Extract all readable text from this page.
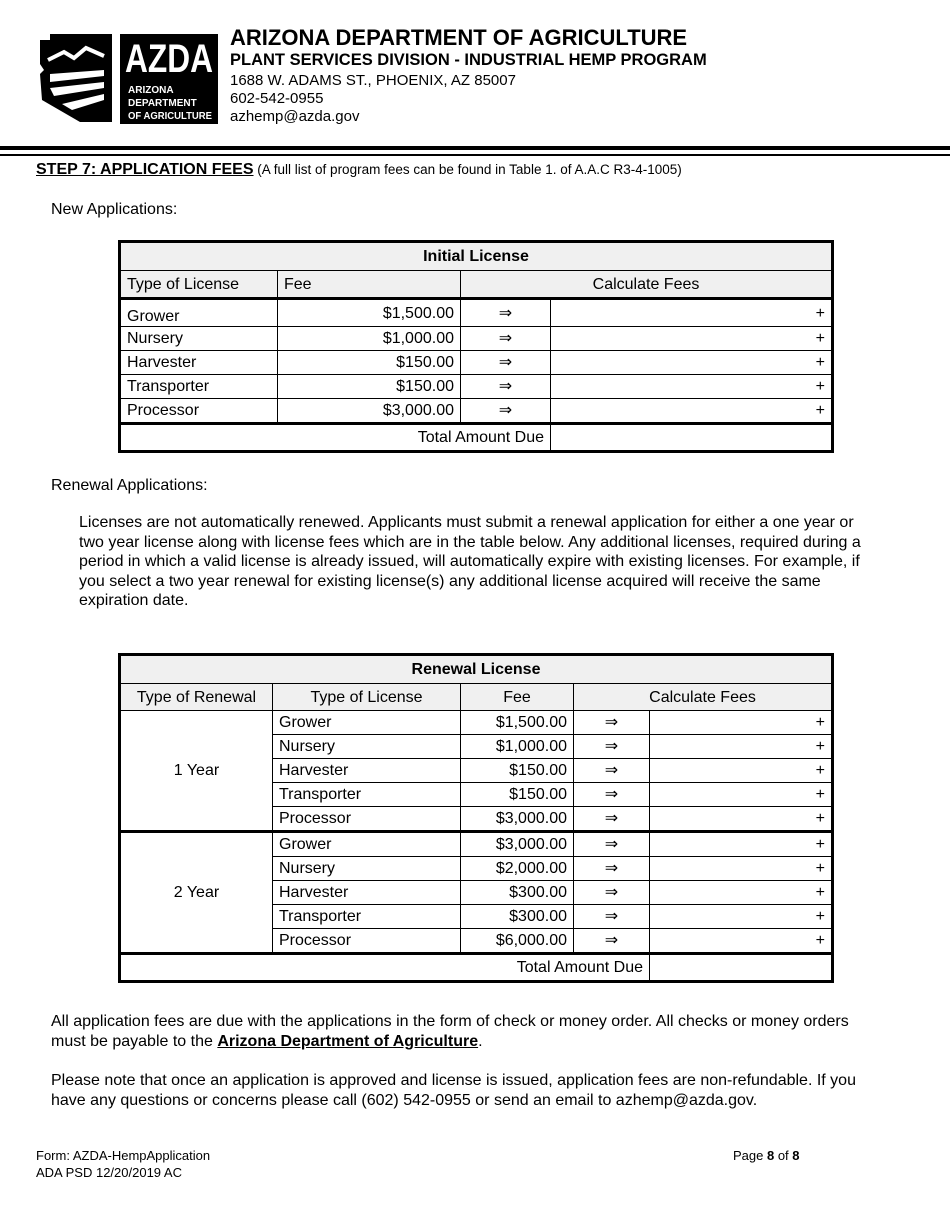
AZDA
ARIZONA
DEPARTMENT
OF AGRICULTURE
ARIZONA DEPARTMENT OF AGRICULTURE
PLANT SERVICES DIVISION - INDUSTRIAL HEMP PROGRAM
1688 W. ADAMS ST., PHOENIX, AZ 85007
602-542-0955
azhemp@azda.gov
STEP 7: APPLICATION FEES (A full list of program fees can be found in Table 1. of A.A.C R3-4-1005)
New Applications:
Initial License			
Type of License	Fee	Calculate Fees	
Grower	$1,500.00	⇒	+
Nursery	$1,000.00	⇒	+
Harvester	$150.00	⇒	+
Transporter	$150.00	⇒	+
Processor	$3,000.00	⇒	+
Total Amount Due			
Renewal Applications:
Licenses are not automatically renewed. Applicants must submit a renewal application for either a one year or two year license along with license fees which are in the table below. Any additional licenses, required during a period in which a valid license is already issued, will automatically expire with existing licenses. For example, if you select a two year renewal for existing license(s) any additional license acquired will receive the same expiration date.
Renewal License				
Type of Renewal	Type of License	Fee	Calculate Fees	
1 Year	Grower	$1,500.00	⇒	+
	Nursery	$1,000.00	⇒	+
	Harvester	$150.00	⇒	+
	Transporter	$150.00	⇒	+
	Processor	$3,000.00	⇒	+
2 Year	Grower	$3,000.00	⇒	+
	Nursery	$2,000.00	⇒	+
	Harvester	$300.00	⇒	+
	Transporter	$300.00	⇒	+
	Processor	$6,000.00	⇒	+
Total Amount Due				
All application fees are due with the applications in the form of check or money order. All checks or money orders must be payable to the Arizona Department of Agriculture.
Please note that once an application is approved and license is issued, application fees are non-refundable. If you have any questions or concerns please call (602) 542-0955 or send an email to azhemp@azda.gov.
Form: AZDA-HempApplication
ADA PSD 12/20/2019 AC
Page 8 of 8
